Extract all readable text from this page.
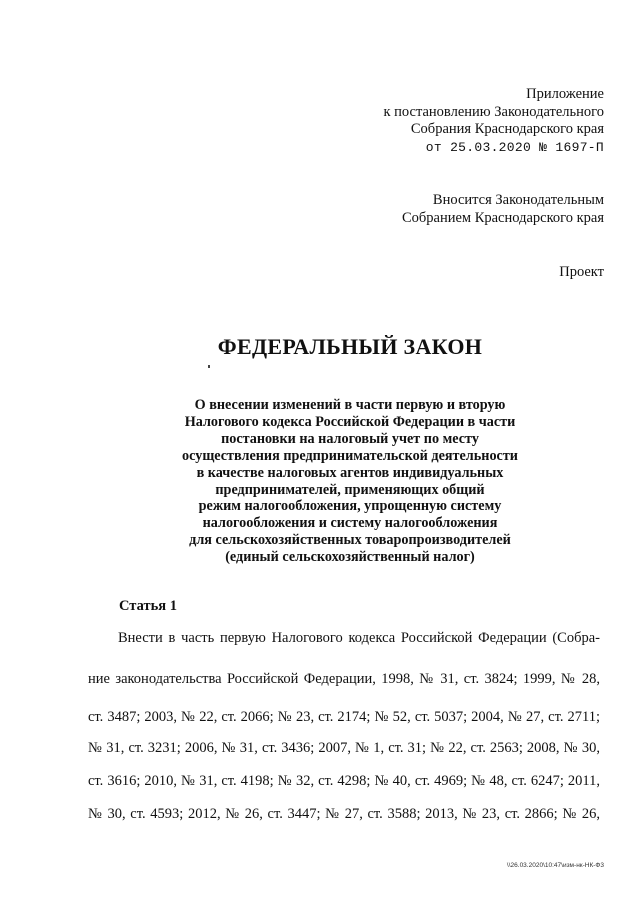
Приложение
к постановлению Законодательного
Собрания Краснодарского края
от 25.03.2020 № 1697-П
Вносится Законодательным
Собранием Краснодарского края
Проект
ФЕДЕРАЛЬНЫЙ ЗАКОН
О внесении изменений в части первую и вторую
Налогового кодекса Российской Федерации в части
постановки на налоговый учет по месту
осуществления предпринимательской деятельности
в качестве налоговых агентов индивидуальных
предпринимателей, применяющих общий
режим налогообложения, упрощенную систему
налогообложения и систему налогообложения
для сельскохозяйственных товаропроизводителей
(единый сельскохозяйственный налог)
Статья 1
Внести в часть первую Налогового кодекса Российской Федерации (Собра-
ние законодательства Российской Федерации, 1998, № 31, ст. 3824; 1999, № 28,
ст. 3487; 2003, № 22, ст. 2066; № 23, ст. 2174; № 52, ст. 5037; 2004, № 27, ст. 2711;
№ 31, ст. 3231; 2006, № 31, ст. 3436; 2007, № 1, ст. 31; № 22, ст. 2563; 2008, № 30,
ст. 3616; 2010, № 31, ст. 4198; № 32, ст. 4298; № 40, ст. 4969; № 48, ст. 6247; 2011,
№ 30, ст. 4593; 2012, № 26, ст. 3447; № 27, ст. 3588; 2013, № 23, ст. 2866; № 26,
\\26.03.2020\10:47\изм-нк-НК-Ф3
